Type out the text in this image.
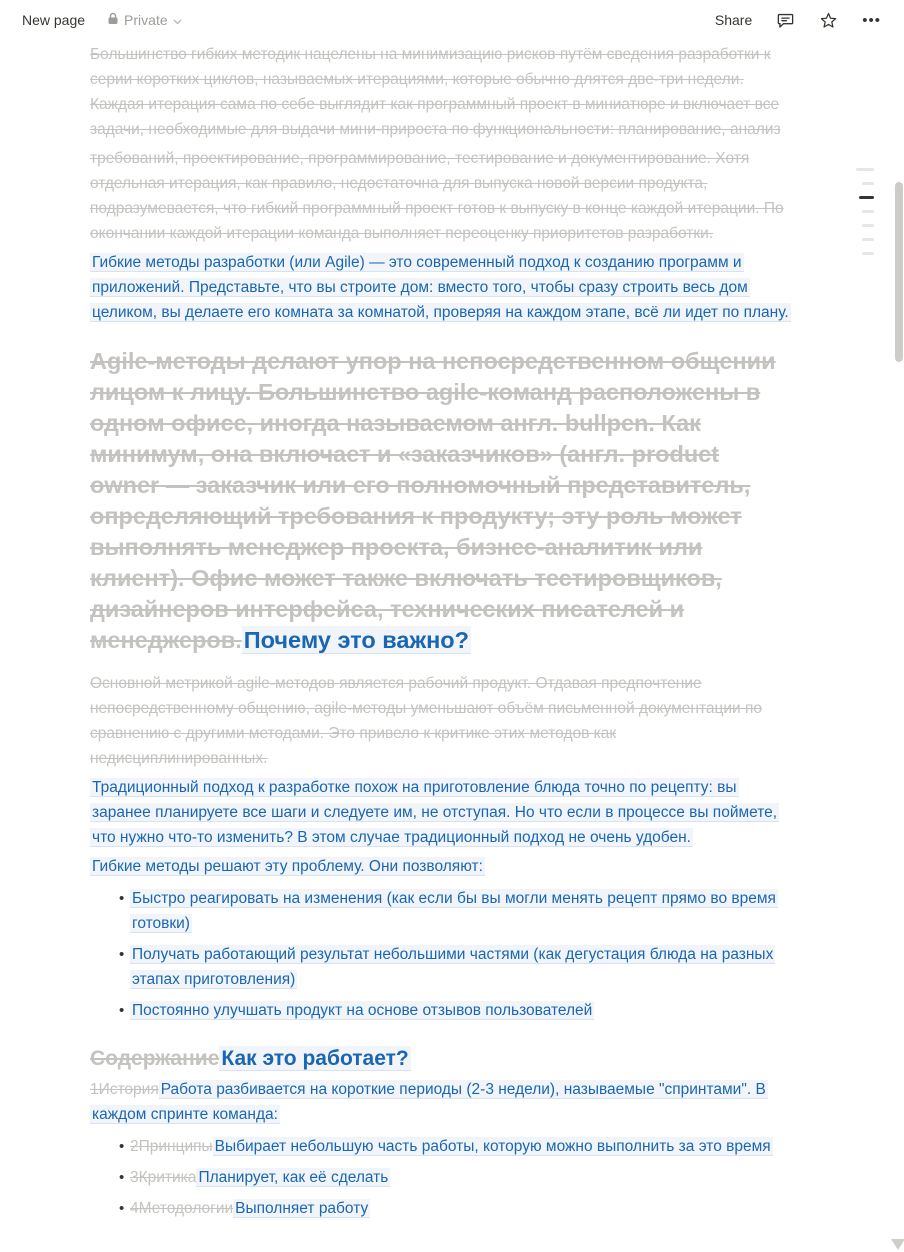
New page	Private	Share	•••

Большинство гибких методик нацелены на минимизацию рисков путём сведения разработки к серии коротких циклов, называемых итерациями, которые обычно длятся две-три недели. Каждая итерация сама по себе выглядит как программный проект в миниатюре и включает все задачи, необходимые для выдачи мини-прироста по функциональности: планирование, анализ

требований, проектирование, программирование, тестирование и документирование. Хотя отдельная итерация, как правило, недостаточна для выпуска новой версии продукта, подразумевается, что гибкий программный проект готов к выпуску в конце каждой итерации. По окончании каждой итерации команда выполняет переоценку приоритетов разработки.

Гибкие методы разработки (или Agile) — это современный подход к созданию программ и приложений. Представьте, что вы строите дом: вместо того, чтобы сразу строить весь дом целиком, вы делаете его комната за комнатой, проверяя на каждом этапе, всё ли идет по плану.

Agile-методы делают упор на непосредственном общении лицом к лицу. Большинство agile-команд расположены в одном офисе, иногда называемом англ. bullpen. Как минимум, она включает и «заказчиков» (англ. product owner — заказчик или его полномочный представитель, определяющий требования к продукту; эту роль может выполнять менеджер проекта, бизнес-аналитик или клиент). Офис может также включать тестировщиков, дизайнеров интерфейса, технических писателей и менеджеров.Почему это важно?

Основной метрикой agile-методов является рабочий продукт. Отдавая предпочтение непосредственному общению, agile-методы уменьшают объём письменной документации по сравнению с другими методами. Это привело к критике этих методов как недисциплинированных.

Традиционный подход к разработке похож на приготовление блюда точно по рецепту: вы заранее планируете все шаги и следуете им, не отступая. Но что если в процессе вы поймете, что нужно что-то изменить? В этом случае традиционный подход не очень удобен.

Гибкие методы решают эту проблему. Они позволяют:

• Быстро реагировать на изменения (как если бы вы могли менять рецепт прямо во время готовки)
• Получать работающий результат небольшими частями (как дегустация блюда на разных этапах приготовления)
• Постоянно улучшать продукт на основе отзывов пользователей
СодержаниеКак это работает?

1История Работа разбивается на короткие периоды (2-3 недели), называемые "спринтами". В каждом спринте команда:

• 2Принципы Выбирает небольшую часть работы, которую можно выполнить за это время
• 3Критика Планирует, как её сделать
• 4Методологии Выполняет работу
